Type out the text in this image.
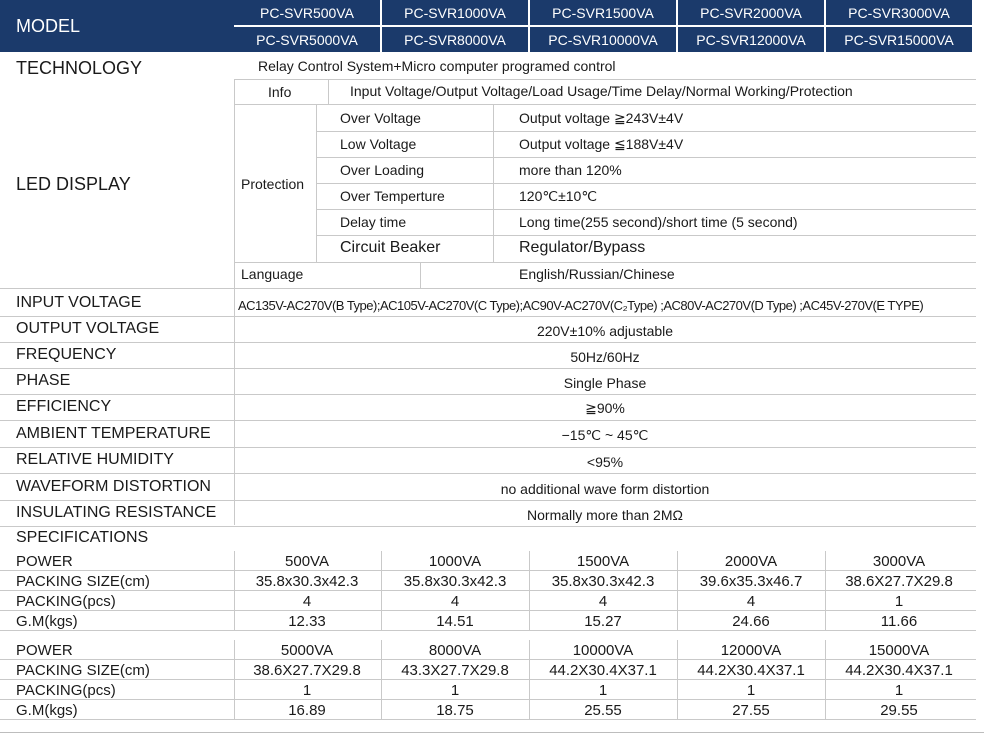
MODEL
PC-SVR500VA	PC-SVR1000VA	PC-SVR1500VA	PC-SVR2000VA	PC-SVR3000VA
PC-SVR5000VA	PC-SVR8000VA	PC-SVR10000VA	PC-SVR12000VA	PC-SVR15000VA
TECHNOLOGY	Relay Control System+Micro computer programed control
LED DISPLAY
Info	Input Voltage/Output Voltage/Load Usage/Time Delay/Normal Working/Protection
Protection
Over Voltage	Output voltage ≧243V±4V
Low Voltage	Output voltage ≦188V±4V
Over Loading	more than 120%
Over Temperture	120℃±10℃
Delay time	Long time(255 second)/short time (5 second)
Circuit Beaker	Regulator/Bypass
Language	English/Russian/Chinese
INPUT VOLTAGE	AC135V-AC270V(B Type);AC105V-AC270V(C Type);AC90V-AC270V(C₂Type) ;AC80V-AC270V(D Type) ;AC45V-270V(E TYPE)
OUTPUT VOLTAGE	220V±10% adjustable
FREQUENCY	50Hz/60Hz
PHASE	Single Phase
EFFICIENCY	≧90%
AMBIENT TEMPERATURE	−15℃ ~ 45℃
RELATIVE HUMIDITY	<95%
WAVEFORM DISTORTION	no additional wave form distortion
INSULATING RESISTANCE	Normally more than 2MΩ
SPECIFICATIONS
POWER	500VA	1000VA	1500VA	2000VA	3000VA
PACKING SIZE(cm)	35.8x30.3x42.3	35.8x30.3x42.3	35.8x30.3x42.3	39.6x35.3x46.7	38.6X27.7X29.8
PACKING(pcs)	4	4	4	4	1
G.M(kgs)	12.33	14.51	15.27	24.66	11.66
POWER	5000VA	8000VA	10000VA	12000VA	15000VA
PACKING SIZE(cm)	38.6X27.7X29.8	43.3X27.7X29.8	44.2X30.4X37.1	44.2X30.4X37.1	44.2X30.4X37.1
PACKING(pcs)	1	1	1	1	1
G.M(kgs)	16.89	18.75	25.55	27.55	29.55
